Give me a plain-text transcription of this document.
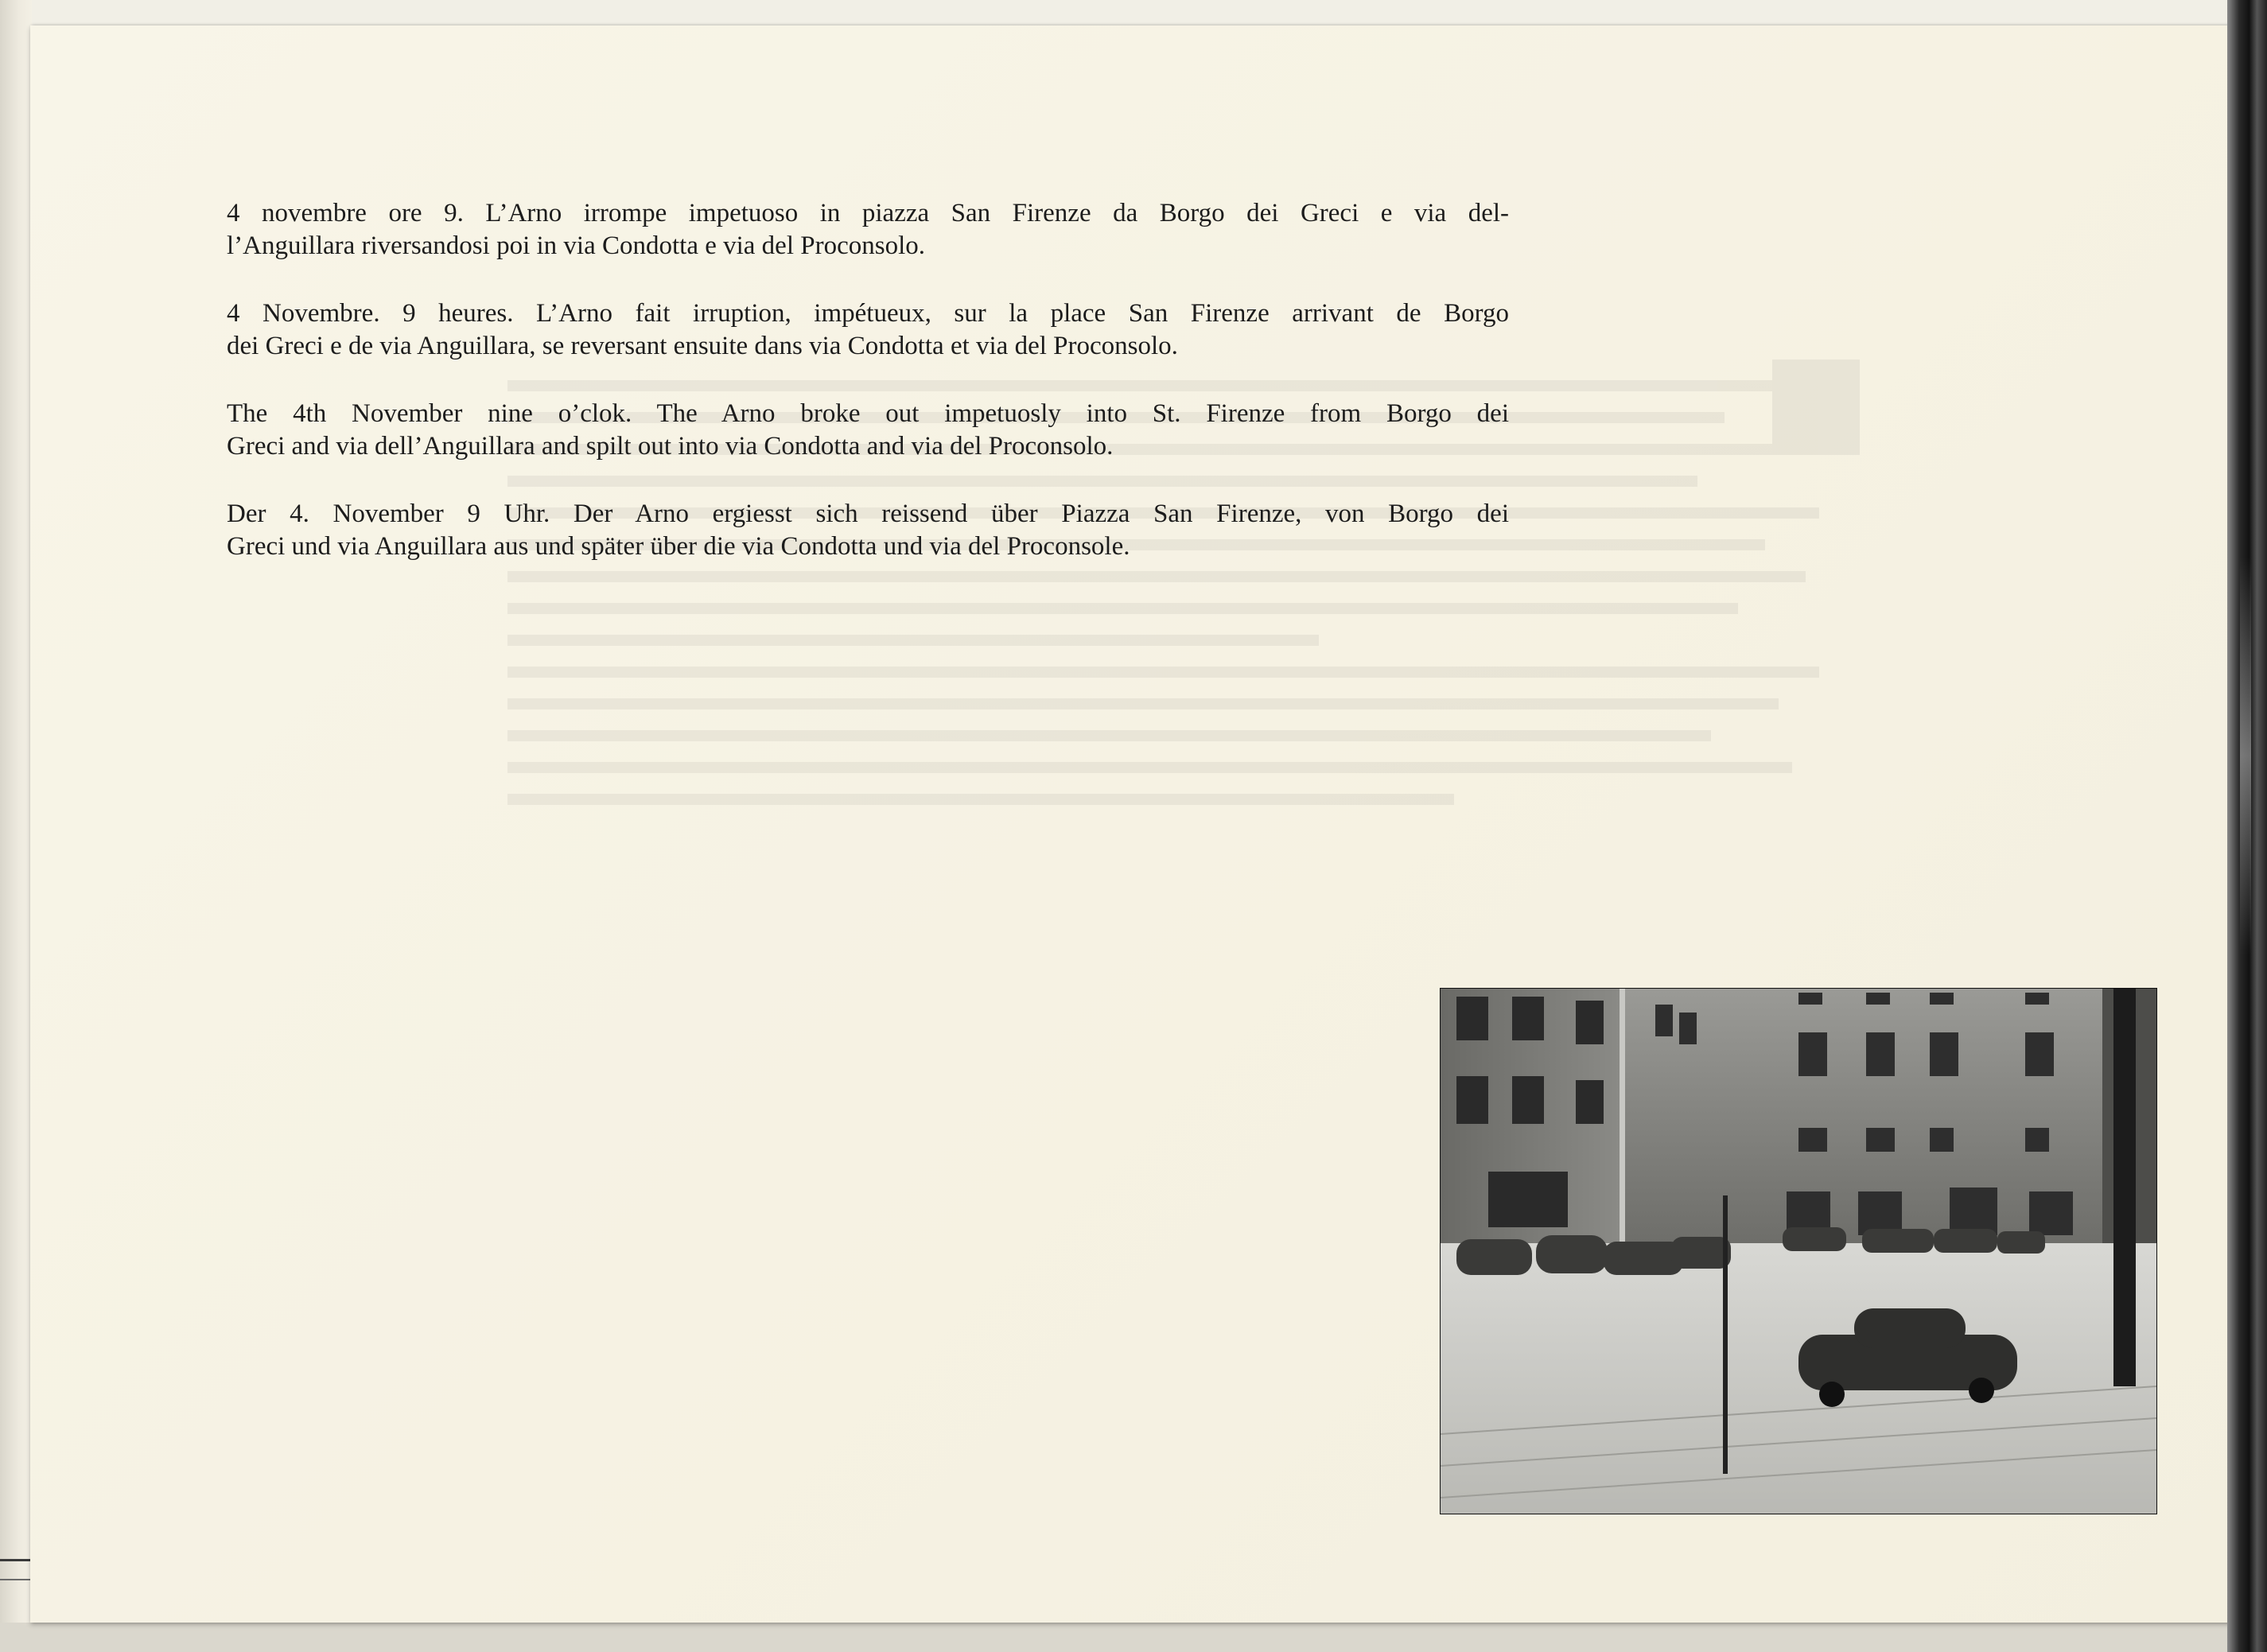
4 novembre ore 9. L’Arno irrompe impetuoso in piazza San Firenze da Borgo dei Greci e via del-
l’Anguillara riversandosi poi in via Condotta e via del Proconsolo.

4 Novembre. 9 heures. L’Arno fait irruption, impétueux, sur la place San Firenze arrivant de Borgo
dei Greci e de via Anguillara, se reversant ensuite dans via Condotta et via del Proconsolo.

The 4th November nine o’clok. The Arno broke out impetuosly into St. Firenze from Borgo dei
Greci and via dell’Anguillara and spilt out into via Condotta and via del Proconsolo.

Der 4. November 9 Uhr. Der Arno ergiesst sich reissend über Piazza San Firenze, von Borgo dei
Greci und via Anguillara aus und später über die via Condotta und via del Proconsole.
